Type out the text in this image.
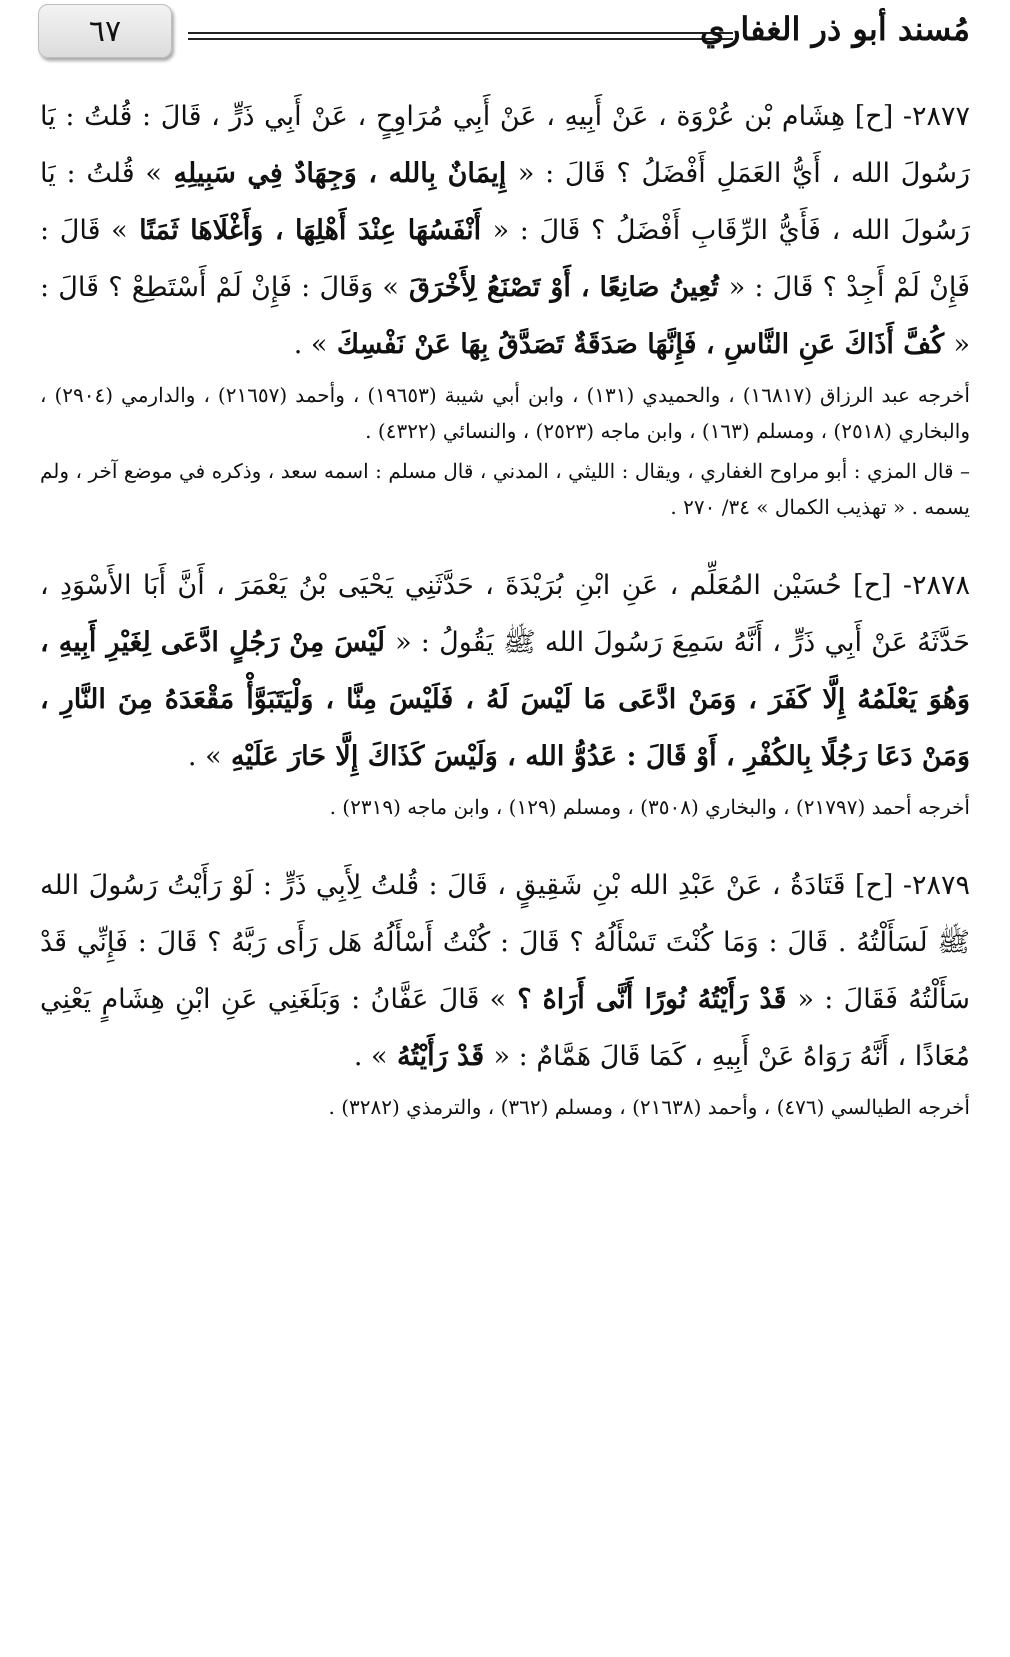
٦٧	مُسند أبو ذر الغفاري

٢٨٧٧- [ح] هِشَام بْن عُرْوَة ، عَنْ أَبِيهِ ، عَنْ أَبِي مُرَاوِحٍ ، عَنْ أَبِي ذَرٍّ ، قَالَ : قُلتُ : يَا رَسُولَ الله ، أَيُّ العَمَلِ أَفْضَلُ ؟ قَالَ : « إِيمَانٌ بِالله ، وَجِهَادٌ فِي سَبِيلِهِ » قُلتُ : يَا رَسُولَ الله ، فَأَيُّ الرِّقَابِ أَفْضَلُ ؟ قَالَ : « أَنْفَسُهَا عِنْدَ أَهْلِهَا ، وَأَغْلَاهَا ثَمَنًا » قَالَ : فَإِنْ لَمْ أَجِدْ ؟ قَالَ : « تُعِينُ صَانِعًا ، أَوْ تَصْنَعُ لِأَخْرَقَ » وَقَالَ : فَإِنْ لَمْ أَسْتَطِعْ ؟ قَالَ : « كُفَّ أَذَاكَ عَنِ النَّاسِ ، فَإِنَّهَا صَدَقَةٌ تَصَدَّقُ بِهَا عَنْ نَفْسِكَ » .

أخرجه عبد الرزاق (١٦٨١٧) ، والحميدي (١٣١) ، وابن أبي شيبة (١٩٦٥٣) ، وأحمد (٢١٦٥٧) ، والدارمي (٢٩٠٤) ، والبخاري (٢٥١٨) ، ومسلم (١٦٣) ، وابن ماجه (٢٥٢٣) ، والنسائي (٤٣٢٢) .

– قال المزي : أبو مراوح الغفاري ، ويقال : الليثي ، المدني ، قال مسلم : اسمه سعد ، وذكره في موضع آخر ، ولم يسمه . « تهذيب الكمال » ٣٤/ ٢٧٠ .

٢٨٧٨- [ح] حُسَيْن المُعَلِّم ، عَنِ ابْنِ بُرَيْدَةَ ، حَدَّثَنِي يَحْيَى بْنُ يَعْمَرَ ، أَنَّ أَبَا الأَسْوَدِ ، حَدَّثَهُ عَنْ أَبِي ذَرٍّ ، أَنَّهُ سَمِعَ رَسُولَ الله ﷺ يَقُولُ : « لَيْسَ مِنْ رَجُلٍ ادَّعَى لِغَيْرِ أَبِيهِ ، وَهُوَ يَعْلَمُهُ إِلَّا كَفَرَ ، وَمَنْ ادَّعَى مَا لَيْسَ لَهُ ، فَلَيْسَ مِنَّا ، وَلْيَتَبَوَّأْ مَقْعَدَهُ مِنَ النَّارِ ، وَمَنْ دَعَا رَجُلًا بِالكُفْرِ ، أَوْ قَالَ : عَدُوُّ الله ، وَلَيْسَ كَذَاكَ إِلَّا حَارَ عَلَيْهِ » .

أخرجه أحمد (٢١٧٩٧) ، والبخاري (٣٥٠٨) ، ومسلم (١٢٩) ، وابن ماجه (٢٣١٩) .

٢٨٧٩- [ح] قَتَادَةُ ، عَنْ عَبْدِ الله بْنِ شَقِيقٍ ، قَالَ : قُلتُ لِأَبِي ذَرٍّ : لَوْ رَأَيْتُ رَسُولَ الله ﷺ لَسَأَلْتُهُ . قَالَ : وَمَا كُنْتَ تَسْأَلُهُ ؟ قَالَ : كُنْتُ أَسْأَلُهُ هَل رَأَى رَبَّهُ ؟ قَالَ : فَإِنِّي قَدْ سَأَلْتُهُ فَقَالَ : « قَدْ رَأَيْتُهُ نُورًا أَنَّى أَرَاهُ ؟ » قَالَ عَفَّانُ : وَبَلَغَنِي عَنِ ابْنِ هِشَامٍ يَعْنِي مُعَاذًا ، أَنَّهُ رَوَاهُ عَنْ أَبِيهِ ، كَمَا قَالَ هَمَّامٌ : « قَدْ رَأَيْتُهُ » .

أخرجه الطيالسي (٤٧٦) ، وأحمد (٢١٦٣٨) ، ومسلم (٣٦٢) ، والترمذي (٣٢٨٢) .
